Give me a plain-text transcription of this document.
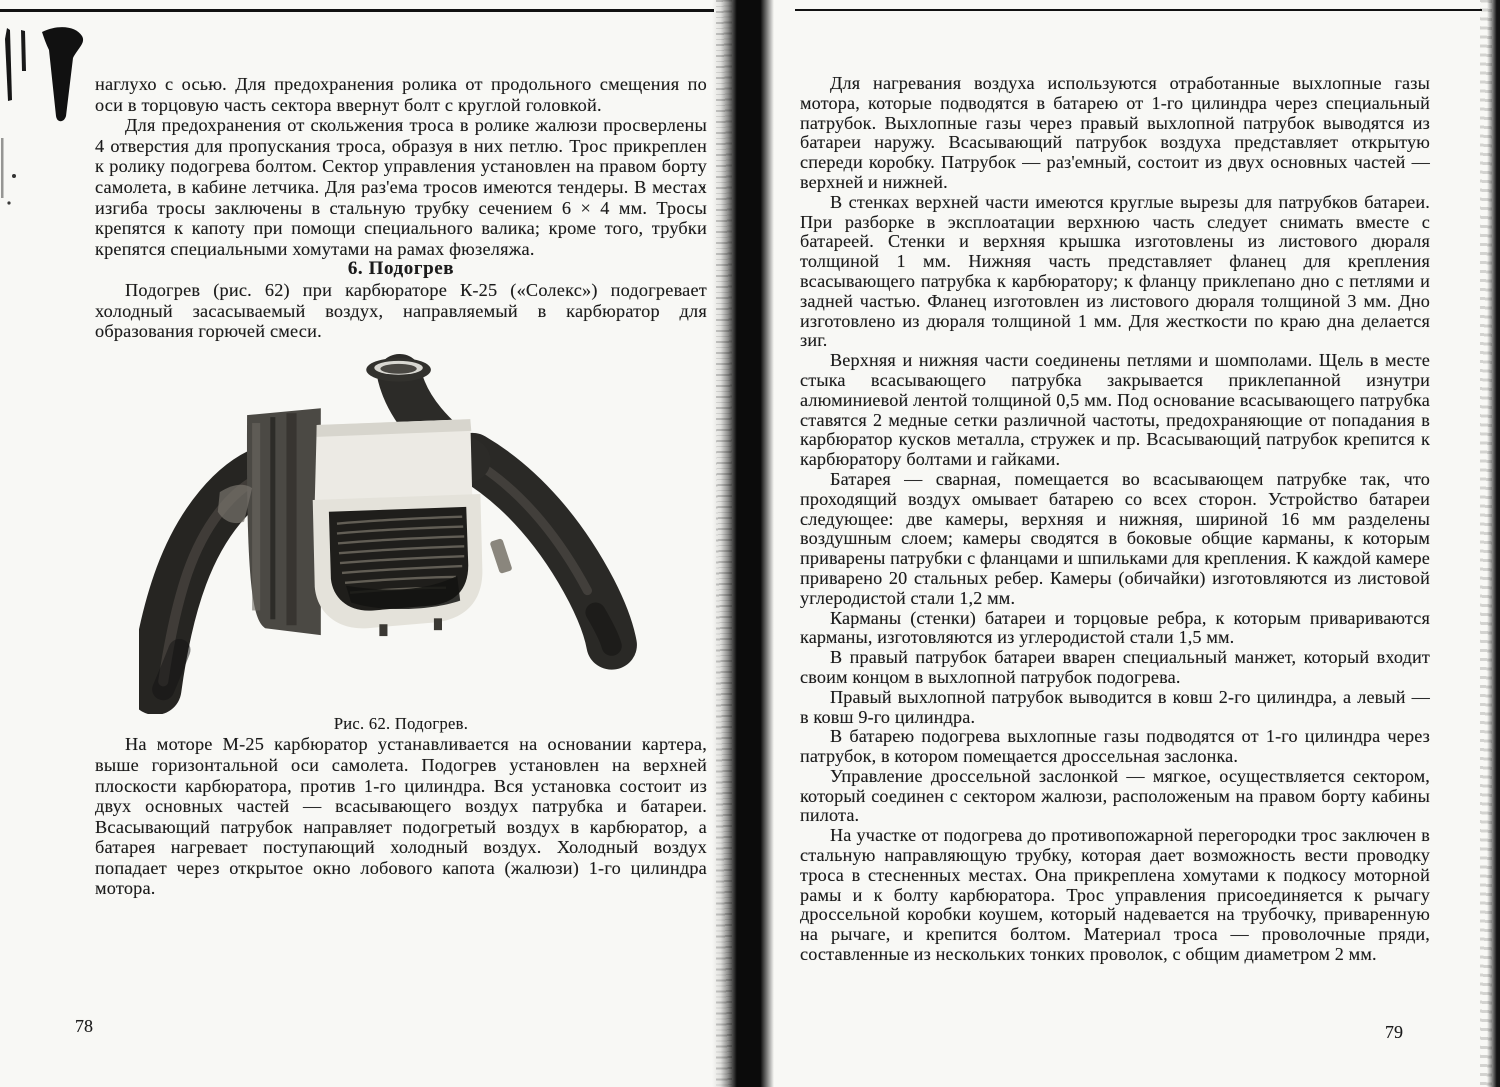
наглухо с осью. Для предохранения ролика от продольного смещения по оси в торцовую часть сектора ввернут болт с круглой головкой.

Для предохранения от скольжения троса в ролике жалюзи просверлены 4 отверстия для пропускания троса, образуя в них петлю. Трос прикреплен к ролику подогрева болтом. Сектор управления установлен на правом борту самолета, в кабине летчика. Для раз'ема тросов имеются тендеры. В местах изгиба тросы заключены в стальную трубку сечением 6 × 4 мм. Тросы крепятся к капоту при помощи специального валика; кроме того, трубки крепятся специальными хомутами на рамах фюзеляжа.

6. Подогрев

Подогрев (рис. 62) при карбюраторе К-25 («Солекс») подогревает холодный засасываемый воздух, направляемый в карбюратор для образования горючей смеси.

Рис. 62. Подогрев.

На моторе М-25 карбюратор устанавливается на основании картера, выше горизонтальной оси самолета. Подогрев установлен на верхней плоскости карбюратора, против 1-го цилиндра. Вся установка состоит из двух основных частей — всасывающего воздух патрубка и батареи. Всасывающий патрубок направляет подогретый воздух в карбюратор, а батарея нагревает поступающий холодный воздух. Холодный воздух попадает через открытое окно лобового капота (жалюзи) 1-го цилиндра мотора.

Для нагревания воздуха используются отработанные выхлопные газы мотора, которые подводятся в батарею от 1-го цилиндра через специальный патрубок. Выхлопные газы через правый выхлопной патрубок выводятся из батареи наружу. Всасывающий патрубок воздуха представляет открытую спереди коробку. Патрубок — раз'емный, состоит из двух основных частей — верхней и нижней.

В стенках верхней части имеются круглые вырезы для патрубков батареи. При разборке в эксплоатации верхнюю часть следует снимать вместе с батареей. Стенки и верхняя крышка изготовлены из листового дюраля толщиной 1 мм. Нижняя часть представляет фланец для крепления всасывающего патрубка к карбюратору; к фланцу приклепано дно с петлями и задней частью. Фланец изготовлен из листового дюраля толщиной 3 мм. Дно изготовлено из дюраля толщиной 1 мм. Для жесткости по краю дна делается зиг.

Верхняя и нижняя части соединены петлями и шомполами. Щель в месте стыка всасывающего патрубка закрывается приклепанной изнутри алюминиевой лентой толщиной 0,5 мм. Под основание всасывающего патрубка ставятся 2 медные сетки различной частоты, предохраняющие от попадания в карбюратор кусков металла, стружек и пр. Всасывающий патрубок крепится к карбюратору болтами и гайками.

Батарея — сварная, помещается во всасывающем патрубке так, что проходящий воздух омывает батарею со всех сторон. Устройство батареи следующее: две камеры, верхняя и нижняя, шириной 16 мм разделены воздушным слоем; камеры сводятся в боковые общие карманы, к которым приварены патрубки с фланцами и шпильками для крепления. К каждой камере приварено 20 стальных ребер. Камеры (обичайки) изготовляются из листовой углеродистой стали 1,2 мм.

Карманы (стенки) батареи и торцовые ребра, к которым привариваются карманы, изготовляются из углеродистой стали 1,5 мм.

В правый патрубок батареи вварен специальный манжет, который входит своим концом в выхлопной патрубок подогрева.

Правый выхлопной патрубок выводится в ковш 2-го цилиндра, а левый — в ковш 9-го цилиндра.

В батарею подогрева выхлопные газы подводятся от 1-го цилиндра через патрубок, в котором помещается дроссельная заслонка.

Управление дроссельной заслонкой — мягкое, осуществляется сектором, который соединен с сектором жалюзи, расположеным на правом борту кабины пилота.

На участке от подогрева до противопожарной перегородки трос заключен в стальную направляющую трубку, которая дает возможность вести проводку троса в стесненных местах. Она прикреплена хомутами к подкосу моторной рамы и к болту карбюратора. Трос управления присоединяется к рычагу дроссельной коробки коушем, который надевается на трубочку, приваренную на рычаге, и крепится болтом. Материал троса — проволочные пряди, составленные из нескольких тонких проволок, с общим диаметром 2 мм.

78	79
